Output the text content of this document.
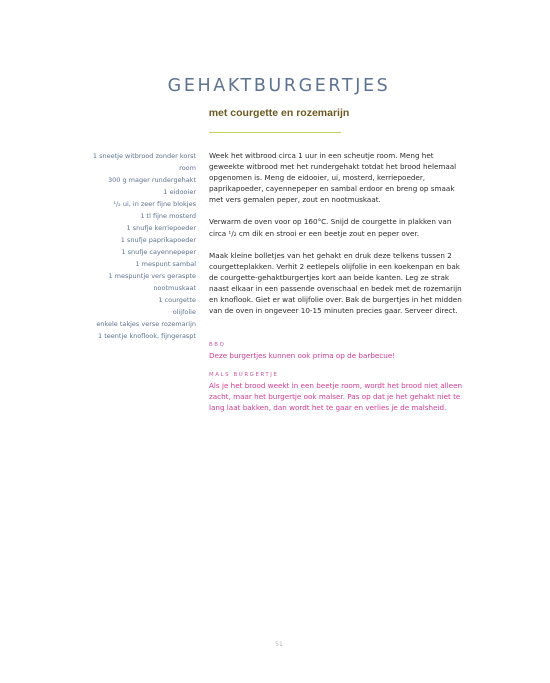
GEHAKTBURGERTJES
met courgette en rozemarijn
1 sneetje witbrood zonder korst
room
300 g mager rundergehakt
1 eidooier
¹/₂ ui, in zeer fijne blokjes
1 tl fijne mosterd
1 snufje kerriepoeder
1 snufje paprikapoeder
1 snufje cayennepeper
1 mespunt sambal
1 mespuntje vers geraspte
nootmuskaat
1 courgette
olijfolie
enkele takjes verse rozemarijn
1 teentje knoflook, fijngeraspt

Week het witbrood circa 1 uur in een scheutje room. Meng het geweekte witbrood met het rundergehakt totdat het brood helemaal opgenomen is. Meng de eidooier, ui, mosterd, kerriepoeder, paprikapoeder, cayennepeper en sambal erdoor en breng op smaak met vers gemalen peper, zout en nootmuskaat.

Verwarm de oven voor op 160°C. Snijd de courgette in plakken van circa ¹/₂ cm dik en strooi er een beetje zout en peper over.

Maak kleine bolletjes van het gehakt en druk deze telkens tussen 2 courgetteplakken. Verhit 2 eetlepels olijfolie in een koekenpan en bak de courgette-gehaktburgertjes kort aan beide kanten. Leg ze strak naast elkaar in een passende ovenschaal en bedek met de rozemarijn en knoflook. Giet er wat olijfolie over. Bak de burgertjes in het midden van de oven in ongeveer 10-15 minuten precies gaar. Serveer direct.

BBQ
Deze burgertjes kunnen ook prima op de barbecue!
MALS BURGERTJE
Als je het brood weekt in een beetje room, wordt het brood niet alleen zacht, maar het burgertje ook malser. Pas op dat je het gehakt niet te lang laat bakken, dan wordt het te gaar en verlies je de malsheid.
51
